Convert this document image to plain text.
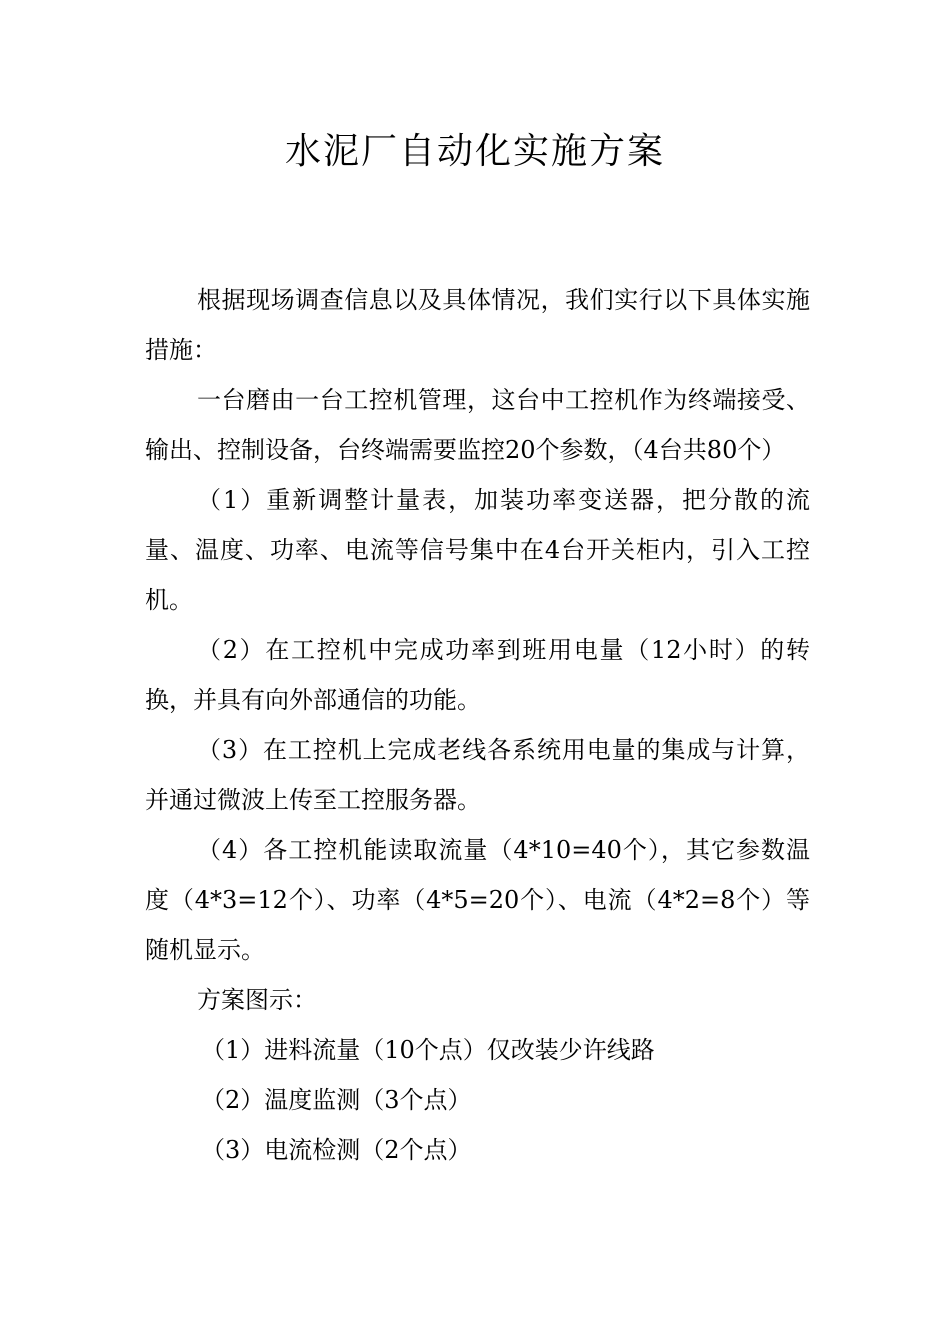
水泥厂自动化实施方案

根据现场调查信息以及具体情况，我们实行以下具体实施措施：

一台磨由一台工控机管理，这台中工控机作为终端接受、输出、控制设备，台终端需要监控20个参数，（4台共80个）

（1）重新调整计量表，加装功率变送器，把分散的流量、温度、功率、电流等信号集中在4台开关柜内，引入工控机。

（2）在工控机中完成功率到班用电量（12小时）的转换，并具有向外部通信的功能。

（3）在工控机上完成老线各系统用电量的集成与计算，并通过微波上传至工控服务器。

（4）各工控机能读取流量（4*10=40个），其它参数温度（4*3=12个）、功率（4*5=20个）、电流（4*2=8个）等随机显示。

方案图示：

（1）进料流量（10个点）仅改装少许线路

（2）温度监测（3个点）

（3）电流检测（2个点）
